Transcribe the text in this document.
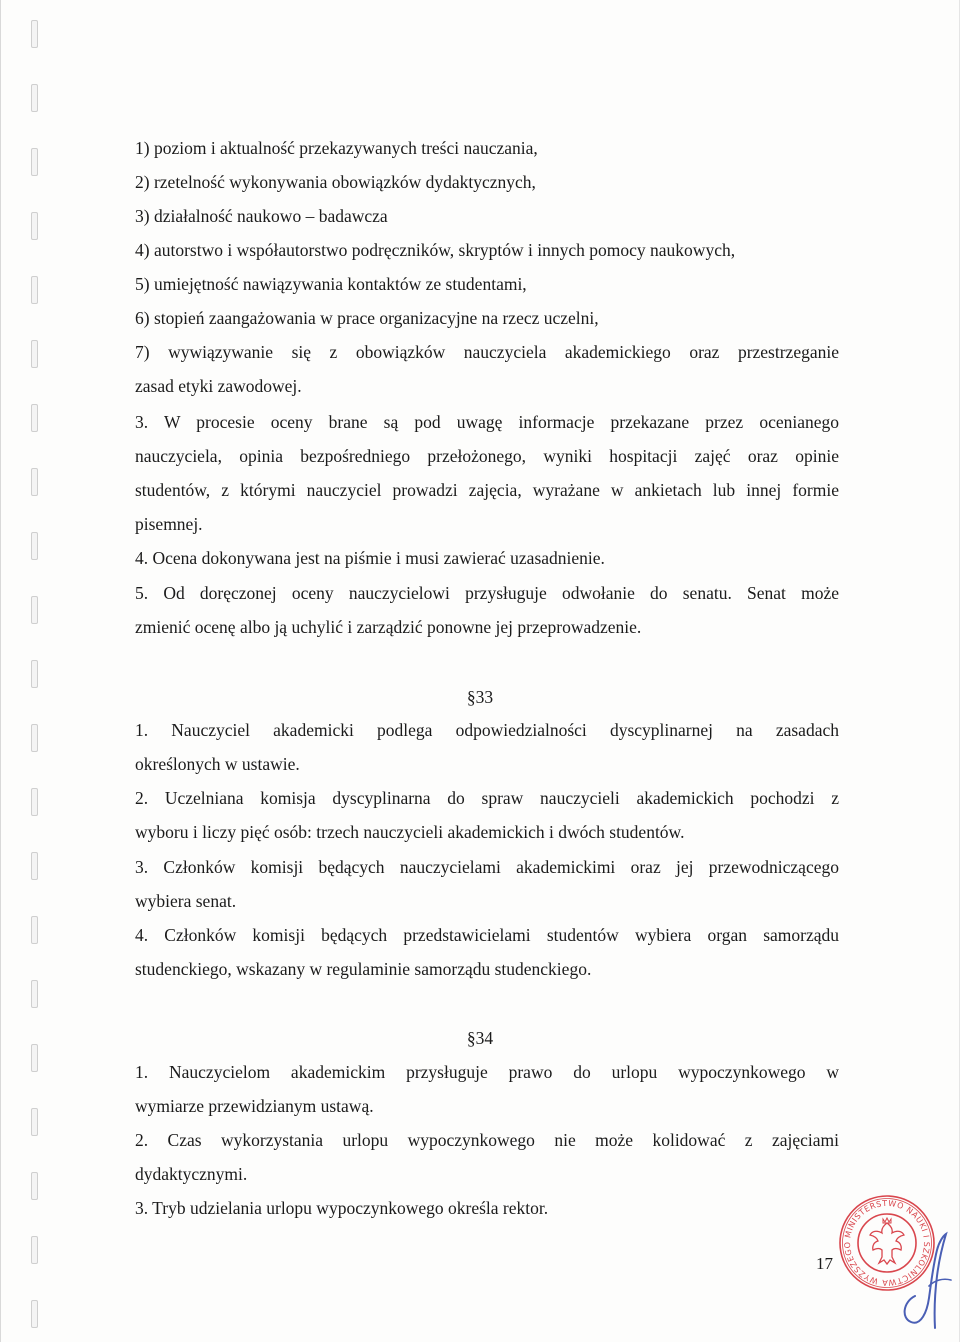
1) poziom i aktualność przekazywanych treści nauczania,
2) rzetelność wykonywania obowiązków dydaktycznych,
3) działalność naukowo – badawcza
4) autorstwo i współautorstwo podręczników, skryptów i innych pomocy naukowych,
5) umiejętność nawiązywania kontaktów ze studentami,
6) stopień zaangażowania w prace organizacyjne na rzecz uczelni,
7) wywiązywanie się z obowiązków nauczyciela akademickiego oraz przestrzeganie
zasad etyki zawodowej.
3. W procesie oceny brane są pod uwagę informacje przekazane przez ocenianego
nauczyciela, opinia bezpośredniego przełożonego, wyniki hospitacji zajęć oraz opinie
studentów, z którymi nauczyciel prowadzi zajęcia, wyrażane w ankietach lub innej formie
pisemnej.
4. Ocena dokonywana jest na piśmie i musi zawierać uzasadnienie.
5. Od doręczonej oceny nauczycielowi przysługuje odwołanie do senatu. Senat może
zmienić ocenę albo ją uchylić i zarządzić ponowne jej przeprowadzenie.
§33
1. Nauczyciel akademicki podlega odpowiedzialności dyscyplinarnej na zasadach
określonych w ustawie.
2. Uczelniana komisja dyscyplinarna do spraw nauczycieli akademickich pochodzi z
wyboru i liczy pięć osób: trzech nauczycieli akademickich i dwóch studentów.
3. Członków komisji będących nauczycielami akademickimi oraz jej przewodniczącego
wybiera senat.
4. Członków komisji będących przedstawicielami studentów wybiera organ samorządu
studenckiego, wskazany w regulaminie samorządu studenckiego.
§34
1. Nauczycielom akademickim przysługuje prawo do urlopu wypoczynkowego w
wymiarze przewidzianym ustawą.
2. Czas wykorzystania urlopu wypoczynkowego nie może kolidować z zajęciami
dydaktycznymi.
3. Tryb udzielania urlopu wypoczynkowego określa rektor.
17
MINISTERSTWO NAUKI I SZKOLNICTWA WYŻSZEGO
